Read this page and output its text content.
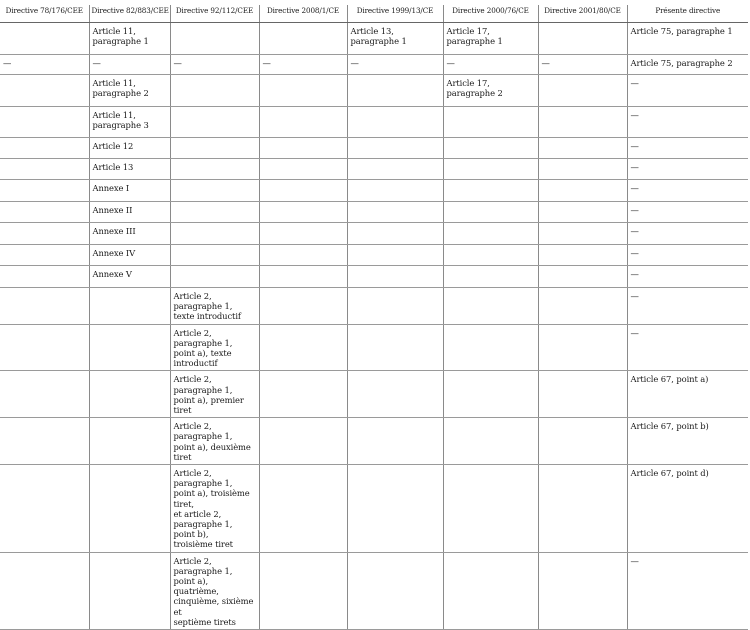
Directive 78/176/CEE	Directive 82/883/CEE	Directive 92/112/CEE	Directive 2008/1/CE	Directive 1999/13/CE	Directive 2000/76/CE	Directive 2001/80/CE	Présente directive
	Article 11,
paragraphe 1			Article 13, paragraphe 1	Article 17, paragraphe 1		Article 75, paragraphe 1
—	—	—	—	—	—	—	Article 75, paragraphe 2
	Article 11,
paragraphe 2				Article 17, paragraphe 2		—
	Article 11,
paragraphe 3						—
	Article 12						—
	Article 13						—
	Annexe I						—
	Annexe II						—
	Annexe III						—
	Annexe IV						—
	Annexe V						—
		Article 2, paragraphe 1,
texte introductif					—
		Article 2, paragraphe 1,
point a), texte
introductif					—
		Article 2, paragraphe 1,
point a), premier tiret					Article 67, point a)
		Article 2, paragraphe 1,
point a), deuxième tiret					Article 67, point b)
		Article 2, paragraphe 1,
point a), troisième tiret,
et article 2,
paragraphe 1, point b),
troisième tiret					Article 67, point d)
		Article 2, paragraphe 1,
point a), quatrième,
cinquième, sixième et
septième tirets					—
